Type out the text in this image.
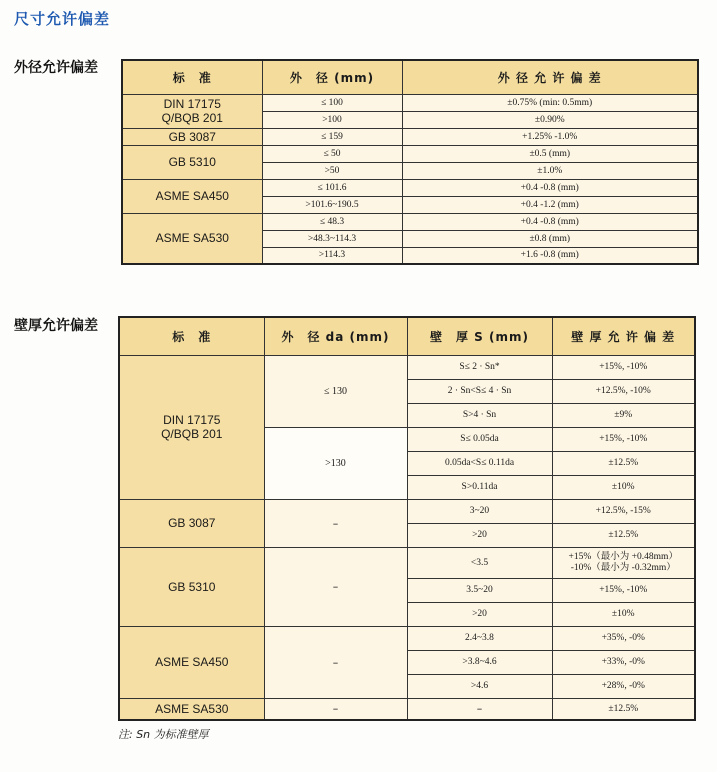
尺寸允许偏差
外径允许偏差
标　准	外　径 (mm)	外 径 允 许 偏 差
DIN 17175
Q/BQB 201	≤ 100	±0.75% (min: 0.5mm)
	>100	±0.90%
GB 3087	≤ 159	+1.25% -1.0%
GB 5310	≤ 50	±0.5 (mm)
	>50	±1.0%
ASME SA450	≤ 101.6	+0.4 -0.8 (mm)
	>101.6~190.5	+0.4 -1.2 (mm)
ASME SA530	≤ 48.3	+0.4 -0.8 (mm)
	>48.3~114.3	±0.8 (mm)
	>114.3	+1.6 -0.8 (mm)
壁厚允许偏差
标　准	外　径 da (mm)	壁　厚 S (mm)	壁 厚 允 许 偏 差
DIN 17175
Q/BQB 201	≤ 130	S≤ 2 · Sn*	+15%, -10%
		2 · Sn<S≤ 4 · Sn	+12.5%, -10%
		S>4 · Sn	±9%
	>130	S≤ 0.05da	+15%, -10%
		0.05da<S≤ 0.11da	±12.5%
		S>0.11da	±10%
GB 3087	–	3~20	+12.5%, -15%
		>20	±12.5%
GB 5310	–	<3.5	+15%（最小为 +0.48mm）
-10%（最小为 -0.32mm）
		3.5~20	+15%, -10%
		>20	±10%
ASME SA450	–	2.4~3.8	+35%, -0%
		>3.8~4.6	+33%, -0%
		>4.6	+28%, -0%
ASME SA530	–	–	±12.5%
注: Sn 为标准壁厚
